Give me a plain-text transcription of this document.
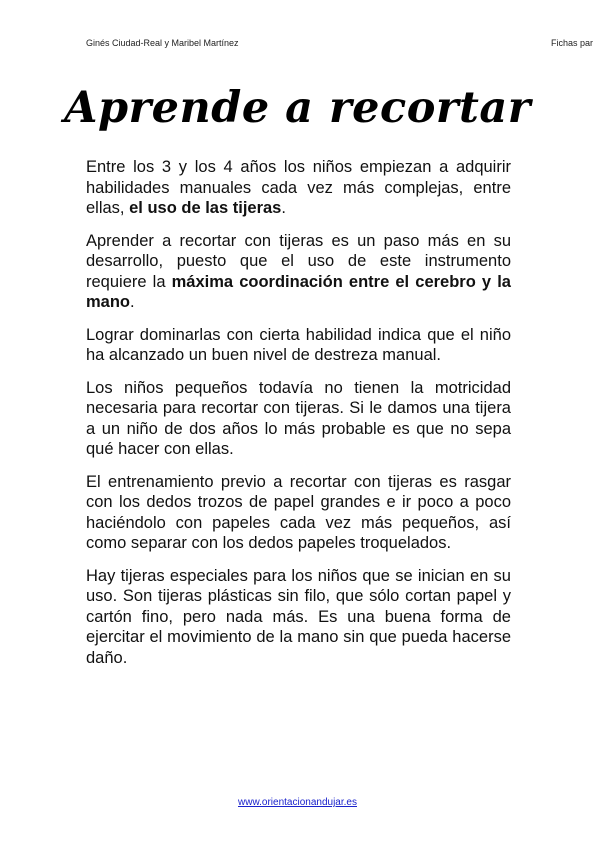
Ginés Ciudad-Real y Maribel Martínez	Fichas par
Aprende a recortar

Entre los 3 y los 4 años los niños empiezan a adquirir habilidades manuales cada vez más complejas, entre ellas, el uso de las tijeras.

Aprender a recortar con tijeras es un paso más en su desarrollo, puesto que el uso de este instrumento requiere la máxima coordinación entre el cerebro y la mano.

Lograr dominarlas con cierta habilidad indica que el niño ha alcanzado un buen nivel de destreza manual.

Los niños pequeños todavía no tienen la motricidad necesaria para recortar con tijeras. Si le damos una tijera a un niño de dos años lo más probable es que no sepa qué hacer con ellas.

El entrenamiento previo a recortar con tijeras es rasgar con los dedos trozos de papel grandes e ir poco a poco haciéndolo con papeles cada vez más pequeños, así como separar con los dedos papeles troquelados.

Hay tijeras especiales para los niños que se inician en su uso. Son tijeras plásticas sin filo, que sólo cortan papel y cartón fino, pero nada más. Es una buena forma de ejercitar el movimiento de la mano sin que pueda hacerse daño.

www.orientacionandujar.es
